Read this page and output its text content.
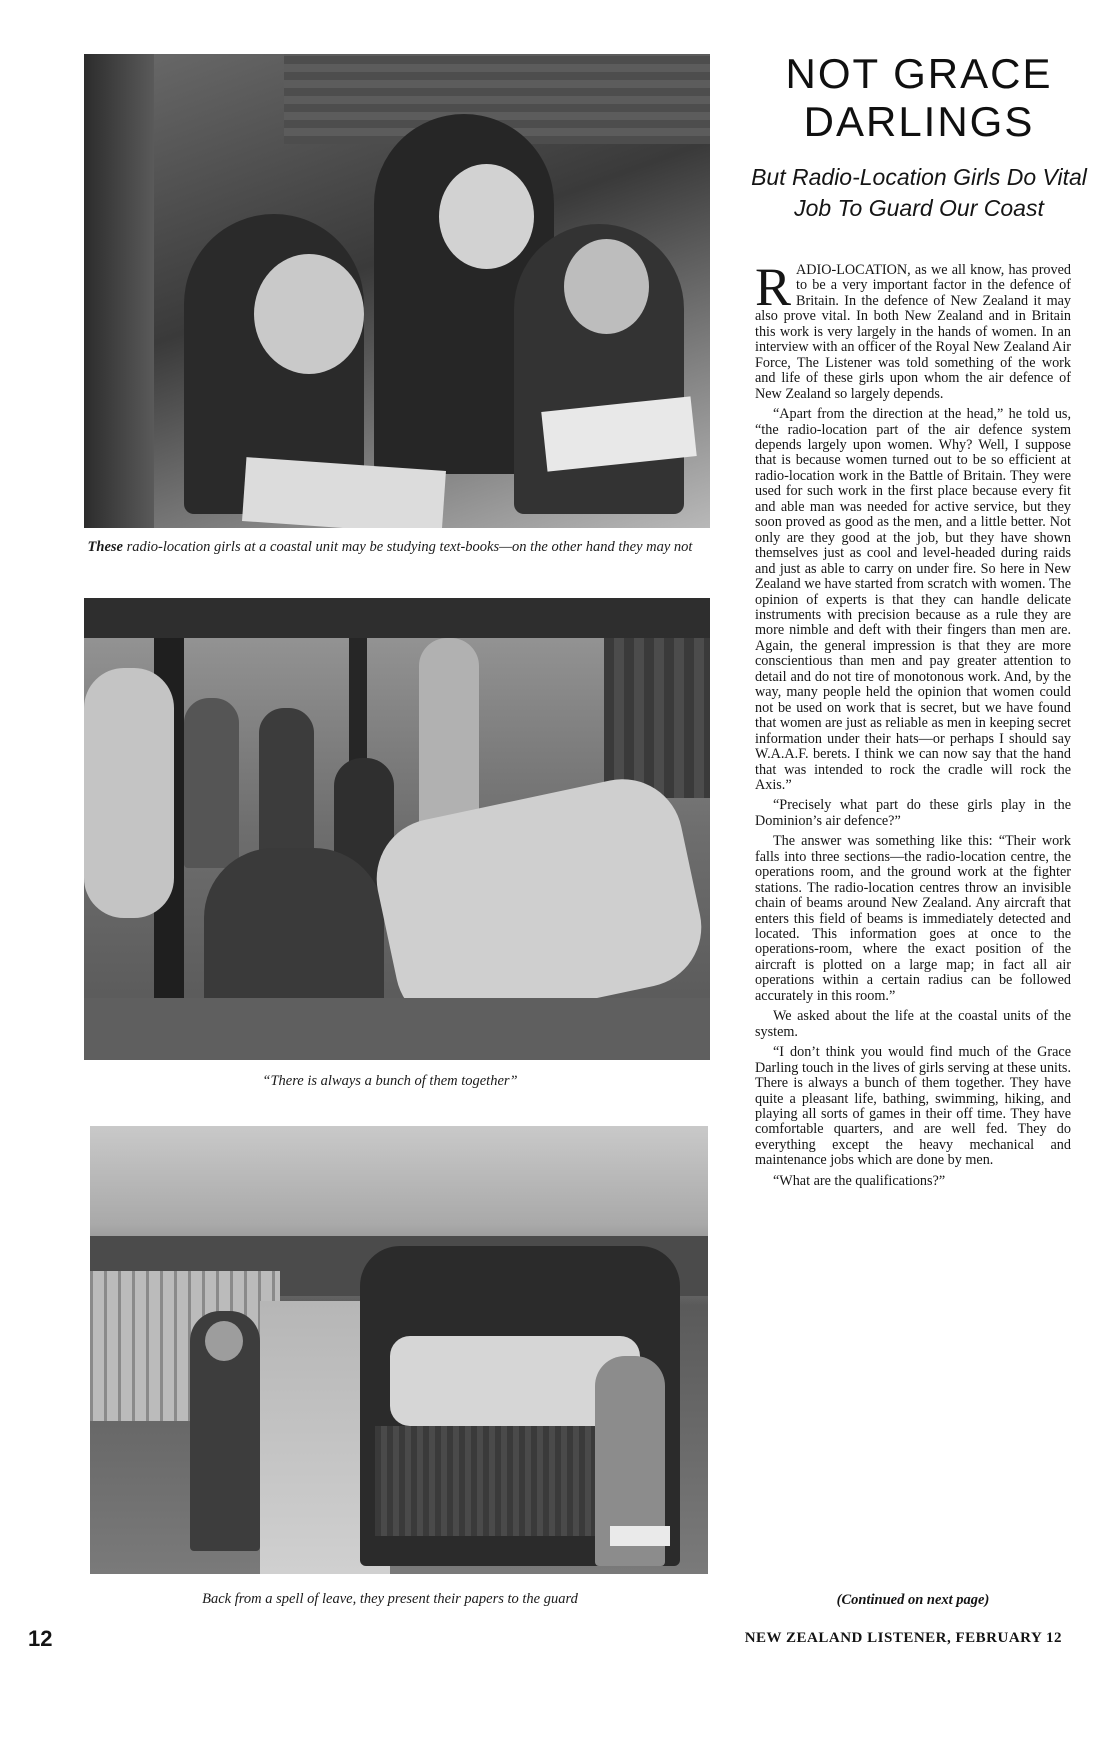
These radio-location girls at a coastal unit may be studying text-books—on the other hand they may not
“There is always a bunch of them together”
Back from a spell of leave, they present their papers to the guard
NOT GRACE DARLINGS
But Radio-Location Girls Do Vital Job To Guard Our Coast

RADIO-LOCATION, as we all know, has proved to be a very important factor in the defence of Britain. In the defence of New Zealand it may also prove vital. In both New Zealand and in Britain this work is very largely in the hands of women. In an interview with an officer of the Royal New Zealand Air Force, The Listener was told something of the work and life of these girls upon whom the air defence of New Zealand so largely depends.

“Apart from the direction at the head,” he told us, “the radio-location part of the air defence system depends largely upon women. Why? Well, I suppose that is because women turned out to be so efficient at radio-location work in the Battle of Britain. They were used for such work in the first place because every fit and able man was needed for active service, but they soon proved as good as the men, and a little better. Not only are they good at the job, but they have shown themselves just as cool and level-headed during raids and just as able to carry on under fire. So here in New Zealand we have started from scratch with women. The opinion of experts is that they can handle delicate instruments with precision because as a rule they are more nimble and deft with their fingers than men are. Again, the general impression is that they are more conscientious than men and pay greater attention to detail and do not tire of monotonous work. And, by the way, many people held the opinion that women could not be used on work that is secret, but we have found that women are just as reliable as men in keeping secret information under their hats—or perhaps I should say W.A.A.F. berets. I think we can now say that the hand that was intended to rock the cradle will rock the Axis.”

“Precisely what part do these girls play in the Dominion’s air defence?”

The answer was something like this: “Their work falls into three sections—the radio-location centre, the operations room, and the ground work at the fighter stations. The radio-location centres throw an invisible chain of beams around New Zealand. Any aircraft that enters this field of beams is immediately detected and located. This information goes at once to the operations-room, where the exact position of the aircraft is plotted on a large map; in fact all air operations within a certain radius can be followed accurately in this room.”

We asked about the life at the coastal units of the system.

“I don’t think you would find much of the Grace Darling touch in the lives of girls serving at these units. There is always a bunch of them together. They have quite a pleasant life, bathing, swimming, hiking, and playing all sorts of games in their off time. They have comfortable quarters, and are well fed. They do everything except the heavy mechanical and maintenance jobs which are done by men.

“What are the qualifications?”

(Continued on next page)
12	NEW ZEALAND LISTENER, FEBRUARY 12
